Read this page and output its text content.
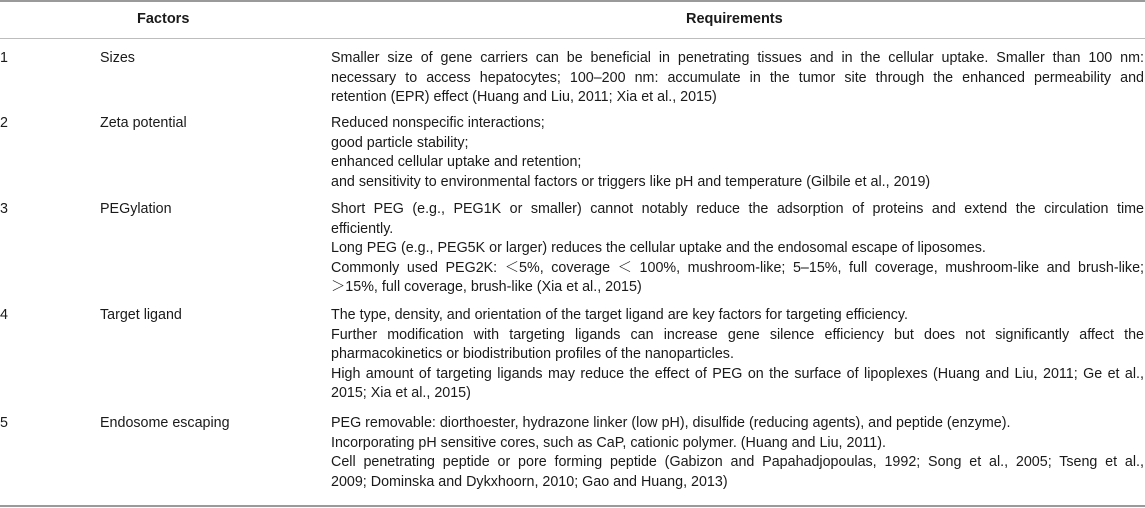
Factors	Requirements
1	Sizes	Smaller size of gene carriers can be beneficial in penetrating tissues and in the cellular uptake. Smaller than 100 nm:
necessary to access hepatocytes; 100–200 nm: accumulate in the tumor site through the enhanced permeability and
retention (EPR) effect (Huang and Liu, 2011; Xia et al., 2015)
2	Zeta potential	Reduced nonspecific interactions;
good particle stability;
enhanced cellular uptake and retention;
and sensitivity to environmental factors or triggers like pH and temperature (Gilbile et al., 2019)
3	PEGylation	Short PEG (e.g., PEG1K or smaller) cannot notably reduce the adsorption of proteins and extend the circulation time
efficiently.
Long PEG (e.g., PEG5K or larger) reduces the cellular uptake and the endosomal escape of liposomes.
Commonly used PEG2K: ＜5%, coverage ＜ 100%, mushroom-like; 5–15%, full coverage, mushroom-like and brush-like;
＞15%, full coverage, brush-like (Xia et al., 2015)
4	Target ligand	The type, density, and orientation of the target ligand are key factors for targeting efficiency.
Further modification with targeting ligands can increase gene silence efficiency but does not significantly affect the
pharmacokinetics or biodistribution profiles of the nanoparticles.
High amount of targeting ligands may reduce the effect of PEG on the surface of lipoplexes (Huang and Liu, 2011; Ge et al.,
2015; Xia et al., 2015)
5	Endosome escaping	PEG removable: diorthoester, hydrazone linker (low pH), disulfide (reducing agents), and peptide (enzyme).
Incorporating pH sensitive cores, such as CaP, cationic polymer. (Huang and Liu, 2011).
Cell penetrating peptide or pore forming peptide (Gabizon and Papahadjopoulas, 1992; Song et al., 2005; Tseng et al.,
2009; Dominska and Dykxhoorn, 2010; Gao and Huang, 2013)
